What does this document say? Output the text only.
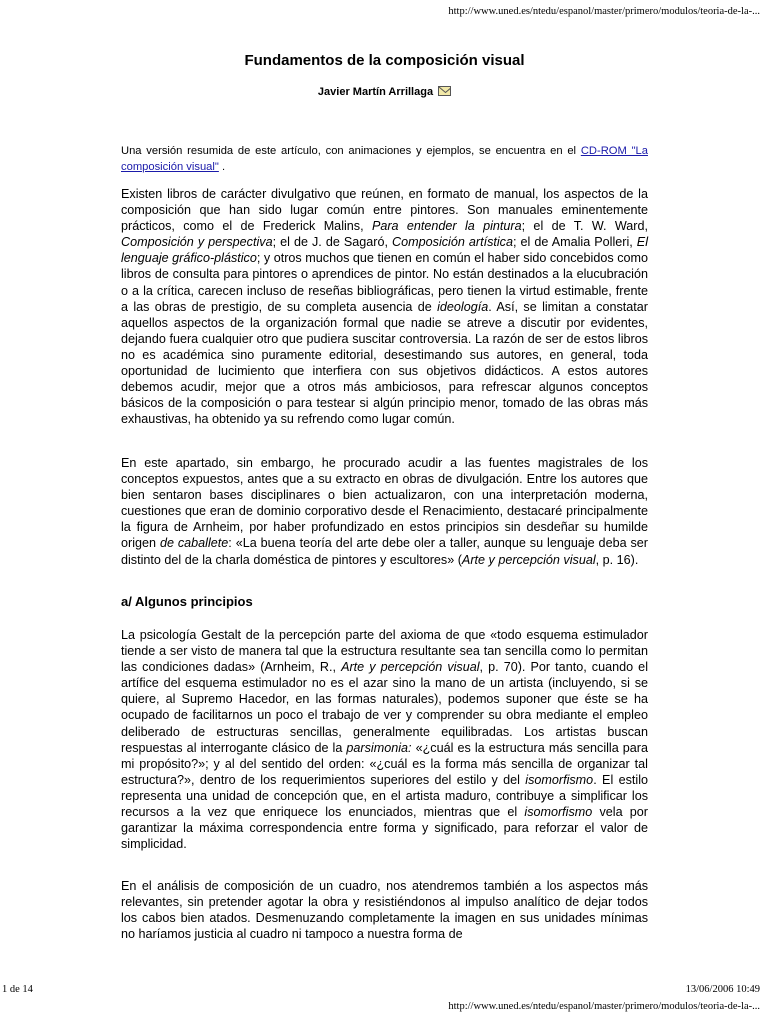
http://www.uned.es/ntedu/espanol/master/primero/modulos/teoria-de-la-...
Fundamentos de la composición visual
Javier Martín Arrillaga

Una versión resumida de este artículo, con animaciones y ejemplos, se encuentra en el CD-ROM "La composición visual" .

Existen libros de carácter divulgativo que reúnen, en formato de manual, los aspectos de la composición que han sido lugar común entre pintores. Son manuales eminentemente prácticos, como el de Frederick Malins, Para entender la pintura; el de T. W. Ward, Composición y perspectiva; el de J. de Sagaró, Composición artística; el de Amalia Polleri, El lenguaje gráfico-plástico; y otros muchos que tienen en común el haber sido concebidos como libros de consulta para pintores o aprendices de pintor. No están destinados a la elucubración o a la crítica, carecen incluso de reseñas bibliográficas, pero tienen la virtud estimable, frente a las obras de prestigio, de su completa ausencia de ideología. Así, se limitan a constatar aquellos aspectos de la organización formal que nadie se atreve a discutir por evidentes, dejando fuera cualquier otro que pudiera suscitar controversia. La razón de ser de estos libros no es académica sino puramente editorial, desestimando sus autores, en general, toda oportunidad de lucimiento que interfiera con sus objetivos didácticos. A estos autores debemos acudir, mejor que a otros más ambiciosos, para refrescar algunos conceptos básicos de la composición o para testear si algún principio menor, tomado de las obras más exhaustivas, ha obtenido ya su refrendo como lugar común.

En este apartado, sin embargo, he procurado acudir a las fuentes magistrales de los conceptos expuestos, antes que a su extracto en obras de divulgación. Entre los autores que bien sentaron bases disciplinares o bien actualizaron, con una interpretación moderna, cuestiones que eran de dominio corporativo desde el Renacimiento, destacaré principalmente la figura de Arnheim, por haber profundizado en estos principios sin desdeñar su humilde origen de caballete: «La buena teoría del arte debe oler a taller, aunque su lenguaje deba ser distinto del de la charla doméstica de pintores y escultores» (Arte y percepción visual, p. 16).

a/ Algunos principios

La psicología Gestalt de la percepción parte del axioma de que «todo esquema estimulador tiende a ser visto de manera tal que la estructura resultante sea tan sencilla como lo permitan las condiciones dadas» (Arnheim, R., Arte y percepción visual, p. 70). Por tanto, cuando el artífice del esquema estimulador no es el azar sino la mano de un artista (incluyendo, si se quiere, al Supremo Hacedor, en las formas naturales), podemos suponer que éste se ha ocupado de facilitarnos un poco el trabajo de ver y comprender su obra mediante el empleo deliberado de estructuras sencillas, generalmente equilibradas. Los artistas buscan respuestas al interrogante clásico de la parsimonia: «¿cuál es la estructura más sencilla para mi propósito?»; y al del sentido del orden: «¿cuál es la forma más sencilla de organizar tal estructura?», dentro de los requerimientos superiores del estilo y del isomorfismo. El estilo representa una unidad de concepción que, en el artista maduro, contribuye a simplificar los recursos a la vez que enriquece los enunciados, mientras que el isomorfismo vela por garantizar la máxima correspondencia entre forma y significado, para reforzar el valor de simplicidad.

En el análisis de composición de un cuadro, nos atendremos también a los aspectos más relevantes, sin pretender agotar la obra y resistiéndonos al impulso analítico de dejar todos los cabos bien atados. Desmenuzando completamente la imagen en sus unidades mínimas no haríamos justicia al cuadro ni tampoco a nuestra forma de

1 de 14	13/06/2006 10:49
http://www.uned.es/ntedu/espanol/master/primero/modulos/teoria-de-la-...
